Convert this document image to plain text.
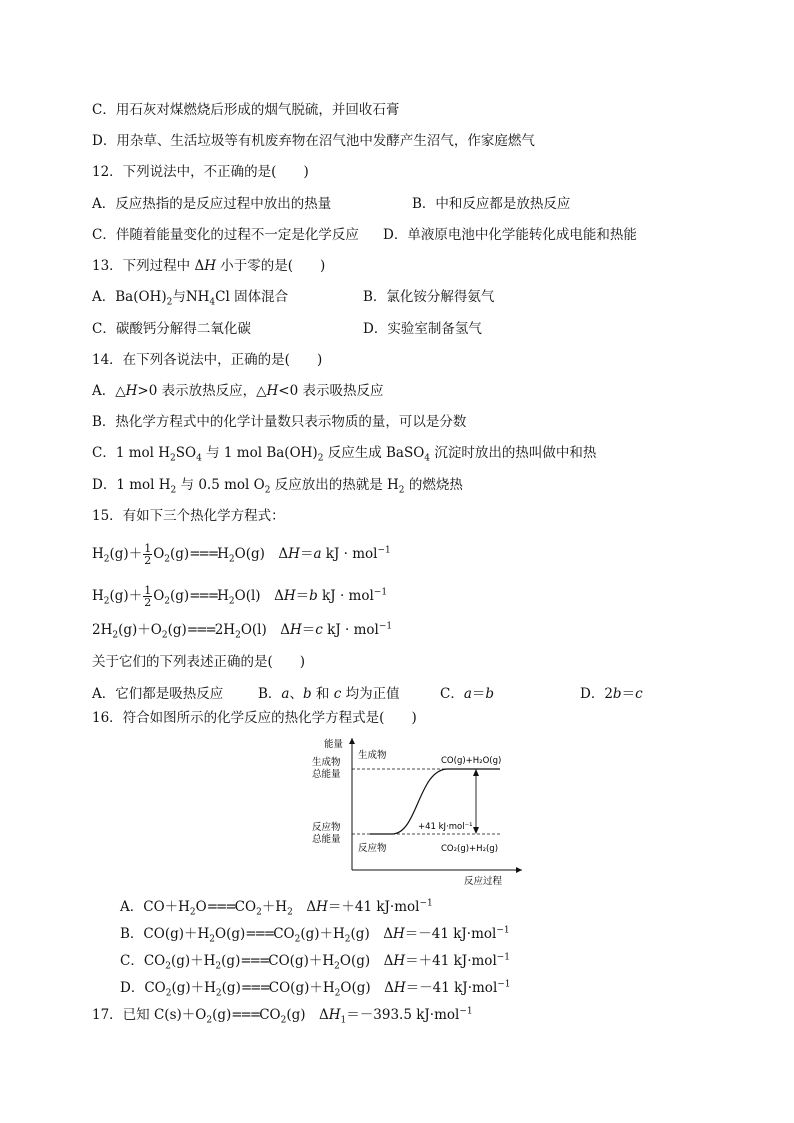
C．用石灰对煤燃烧后形成的烟气脱硫，并回收石膏
D．用杂草、生活垃圾等有机废弃物在沼气池中发酵产生沼气，作家庭燃气
12．下列说法中，不正确的是(　　)
A．反应热指的是反应过程中放出的热量	B．中和反应都是放热反应
C．伴随着能量变化的过程不一定是化学反应 D．单液原电池中化学能转化成电能和热能
13．下列过程中 ΔH 小于零的是(　　)
A．$Ba(OH)_2$与$NH_4Cl$ 固体混合	B．氯化铵分解得氨气
C．碳酸钙分解得二氧化碳	D．实验室制备氢气
14．在下列各说法中，正确的是(　　)
A．△H>0 表示放热反应，△H<0 表示吸热反应
B．热化学方程式中的化学计量数只表示物质的量，可以是分数
C．1 mol $H_2SO_4$ 与 1 mol $Ba(OH)_2$ 反应生成 BaSO$_4$ 沉淀时放出的热叫做中和热
D．1 mol $H_2$ 与 0.5 mol $O_2$ 反应放出的热就是 $H_2$ 的燃烧热
15．有如下三个热化学方程式：
$H_2(g)+ \frac{1}{2} O_2(g)===H_2O(g)$　ΔH＝a kJ · mol$^{-1}$
$H_2(g)+ \frac{1}{2} O_2(g)===H_2O(l)$　ΔH＝b kJ · mol$^{-1}$
$2H_2(g)+O_2(g)===2H_2O(l)$　ΔH＝c kJ · mol$^{-1}$
关于它们的下列表述正确的是(　　)
A．它们都是吸热反应	B．a、b 和 c 均为正值	C．a＝b	D．2b＝c
16．符合如图所示的化学反应的热化学方程式是(　　)
能量
反应过程
生成物
总能量
反应物
总能量
生成物
反应物
CO(g)+H₂O(g)
CO₂(g)+H₂(g)
+41 kJ·mol⁻¹
A．$CO+H_2O===CO_2+H_2$　ΔH＝＋41 kJ·mol$^{-1}$
B．$CO(g)+H_2O(g)===CO_2(g)+H_2(g)$　ΔH＝－41 kJ·mol$^{-1}$
C．$CO_2(g)+H_2(g)===CO(g)+H_2O(g)$　ΔH＝＋41 kJ·mol$^{-1}$
D．$CO_2(g)+H_2(g)===CO(g)+H_2O(g)$　ΔH＝－41 kJ·mol$^{-1}$
17．已知 $C(s)+O_2(g)===CO_2(g)$　$\Delta H_1=-393.5$ kJ·mol$^{-1}$
